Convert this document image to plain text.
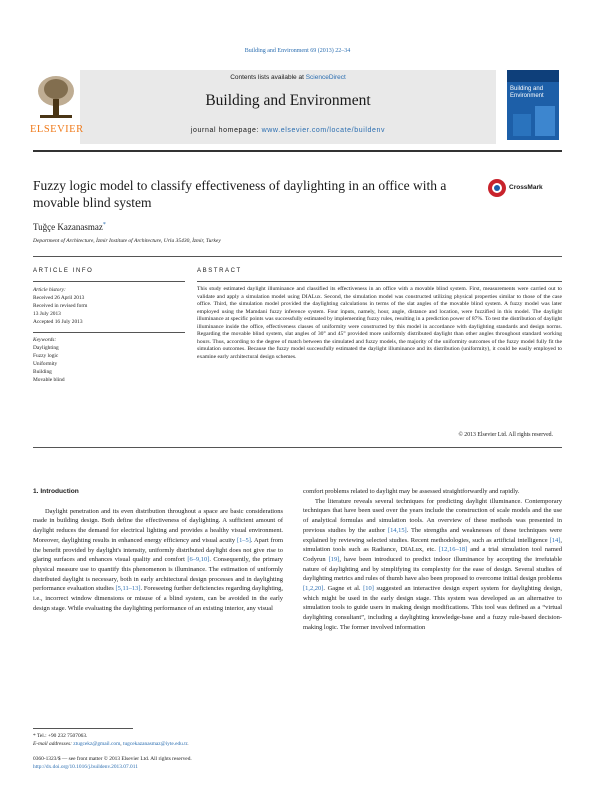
Building and Environment 69 (2013) 22–34
Contents lists available at ScienceDirect
Building and Environment
journal homepage: www.elsevier.com/locate/buildenv
ELSEVIER
Building and Environment
Fuzzy logic model to classify effectiveness of daylighting in an office with a movable blind system
CrossMark
Tuğçe Kazanasmaz*
Department of Architecture, İzmir Institute of Architecture, Urla 35430, İzmir, Turkey
ARTICLE INFO	ABSTRACT
Article history:
Received 26 April 2013
Received in revised form
13 July 2013
Accepted 16 July 2013
Keywords:
Daylighting
Fuzzy logic
Uniformity
Building
Movable blind
This study estimated daylight illuminance and classified its effectiveness in an office with a movable blind system. First, measurements were carried out to validate and apply a simulation model using DIALux. Second, the simulation model was constructed utilizing physical properties similar to those of the case office. Third, the simulation model provided the daylighting calculations in terms of the slat angles of the movable blind system. A fuzzy model was later employed using the Mamdani fuzzy inference system. Four inputs, namely, hour, angle, distance and location, were fuzzified in this model. The daylight illuminance at specific points was successfully estimated by implementing fuzzy rules, resulting in a prediction power of 87%. To test the distribution of daylight illuminance inside the office, effectiveness classes of uniformity were constructed by this model in accordance with daylighting standards and design norms. Regarding the movable blind system, slat angles of 30° and 45° provided more uniformly distributed daylight than other angles throughout standard working hours. Thus, according to the degree of match between the simulated and fuzzy models, the majority of the uniformity outcomes of the fuzzy model fully fit the simulation outcomes. Because the fuzzy model successfully estimated the daylight illuminance and its distribution (uniformity), it could be easily employed to examine early architectural design schemes.
© 2013 Elsevier Ltd. All rights reserved.
1. Introduction

Daylight penetration and its even distribution throughout a space are basic considerations made in building design. Both define the effectiveness of daylighting. A sufficient amount of daylight reduces the demand for electrical lighting and provides a healthy visual environment. Moreover, daylighting results in enhanced energy efficiency and visual acuity [1–5]. Apart from the benefit provided by daylight's intensity, uniformly distributed daylight does not give rise to glaring surfaces and enhances visual quality and comfort [6–9,10]. Consequently, the primary physical measure use to quantify this phenomenon is illuminance. The estimation of uniformly distributed daylight is necessary, both in early architectural design processes and in daylighting performance evaluation studies [5,11–13]. Foreseeing further deficiencies regarding daylighting, i.e., incorrect window dimensions or misuse of a blind system, can be avoided in the early design stage. While evaluating the daylighting performance of an existing interior, any visual

comfort problems related to daylight may be assessed straightforwardly and rapidly.

The literature reveals several techniques for predicting daylight illuminance. Contemporary techniques that have been used over the years include the construction of scale models and the use of analytical formulas and simulation tools. An overview of these methods was presented in previous studies by the author [14,15]. The strengths and weaknesses of these techniques were explained by reviewing selected studies. Recent methodologies, such as artificial intelligence [14], simulation tools such as Radiance, DIALux, etc. [12,16–18] and a trial simulation tool named Codyrun [19], have been introduced to predict indoor illuminance by accepting the irrefutable nature of daylighting and by simplifying its complexity for the ease of design. Several studies of daylighting metrics and rules of thumb have also been proposed to overcome initial design problems [1,2,20]. Gagne et al. [10] suggested an interactive design expert system for daylighting design, which might be used in the early design stage. This system was developed as an alternative to simulation tools to guide users in making design modifications. This tool was defined as a “virtual daylighting consultant”, including a daylighting knowledge-base and a fuzzy rule-based decision-making logic. The former involved information

* Tel.: +90 232 7507063.
E-mail addresses: ztugcekz@gmail.com, tugcekazanasmaz@iyte.edu.tr.
0360-1323/$ — see front matter © 2013 Elsevier Ltd. All rights reserved.
http://dx.doi.org/10.1016/j.buildenv.2013.07.011
